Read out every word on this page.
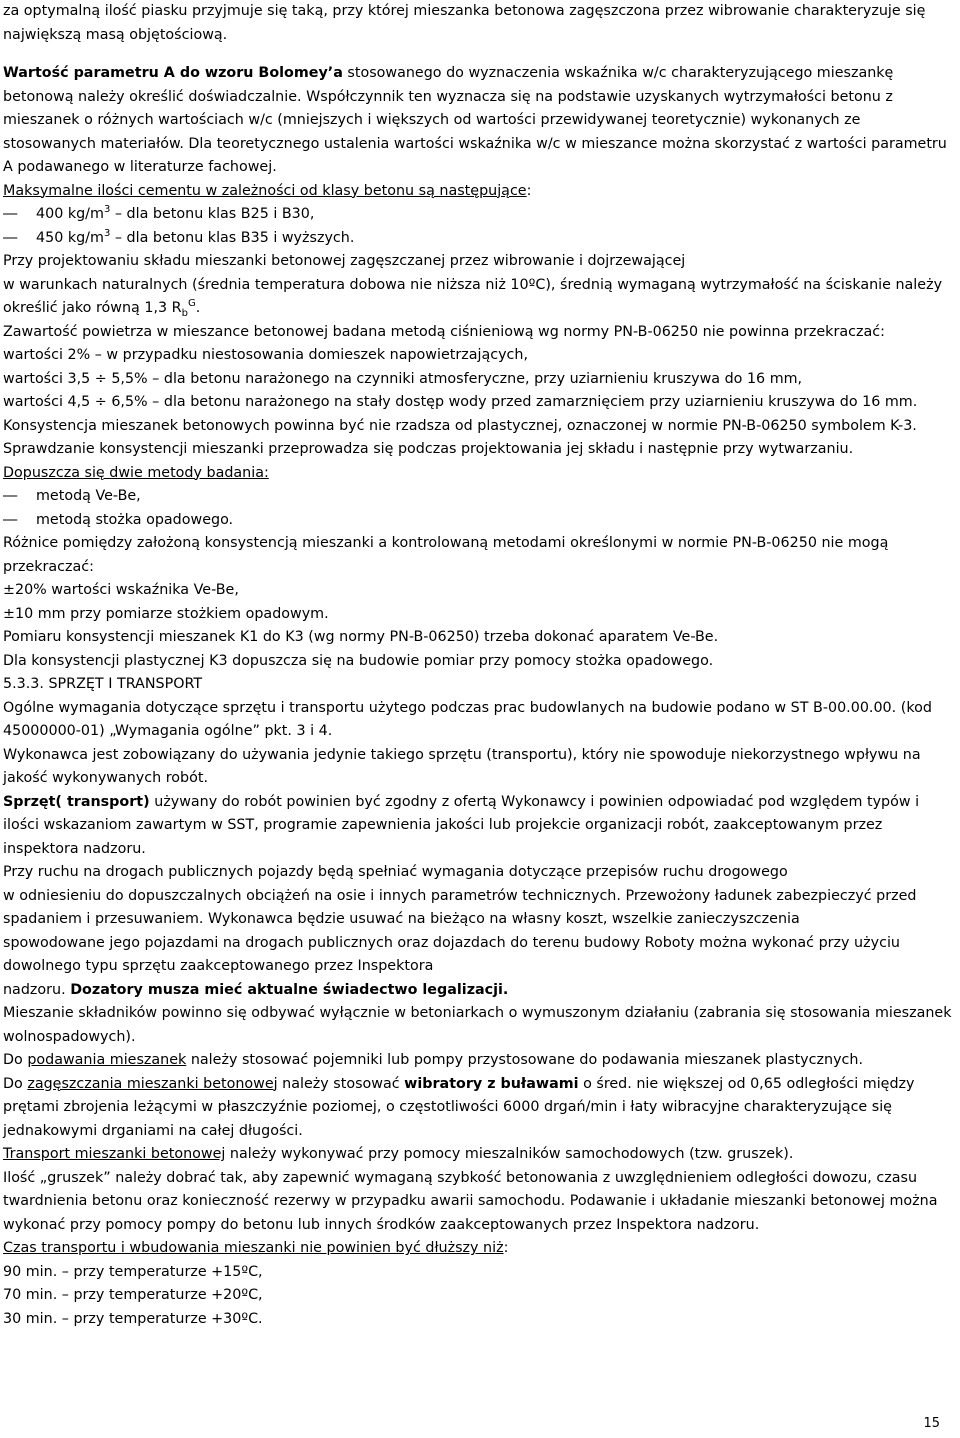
za optymalną ilość piasku przyjmuje się taką, przy której mieszanka betonowa zagęszczona przez wibrowanie charakteryzuje się największą masą objętościową.

Wartość parametru A do wzoru Bolomey’a stosowanego do wyznaczenia wskaźnika w/c charakteryzującego mieszankę betonową należy określić doświadczalnie. Współczynnik ten wyznacza się na podstawie uzyskanych wytrzymałości betonu z mieszanek o różnych wartościach w/c (mniejszych i większych od wartości przewidywanej teoretycznie) wykonanych ze stosowanych materiałów. Dla teoretycznego ustalenia wartości wskaźnika w/c w mieszance można skorzystać z wartości parametru A podawanego w literaturze fachowej.

Maksymalne ilości cementu w zależności od klasy betonu są następujące:

—	400 $kg/m^3$ – dla betonu klas B25 i B30,
—	450 $kg/m^3$ – dla betonu klas B35 i wyższych.

Przy projektowaniu składu mieszanki betonowej zagęszczanej przez wibrowanie i dojrzewającej

w warunkach naturalnych (średnia temperatura dobowa nie niższa niż 10ºC), średnią wymaganą wytrzymałość na ściskanie należy określić jako równą 1,3 $R_b^G$.

Zawartość powietrza w mieszance betonowej badana metodą ciśnieniową wg normy PN-B-06250 nie powinna przekraczać:

wartości 2% – w przypadku niestosowania domieszek napowietrzających,

wartości 3,5 ÷ 5,5% – dla betonu narażonego na czynniki atmosferyczne, przy uziarnieniu kruszywa do 16 mm,

wartości 4,5 ÷ 6,5% – dla betonu narażonego na stały dostęp wody przed zamarznięciem przy uziarnieniu kruszywa do 16 mm.

Konsystencja mieszanek betonowych powinna być nie rzadsza od plastycznej, oznaczonej w normie PN-B-06250 symbolem K-3.

Sprawdzanie konsystencji mieszanki przeprowadza się podczas projektowania jej składu i następnie przy wytwarzaniu.

Dopuszcza się dwie metody badania:

—	metodą Ve-Be,
—	metodą stożka opadowego.

Różnice pomiędzy założoną konsystencją mieszanki a kontrolowaną metodami określonymi w normie PN-B-06250 nie mogą przekraczać:

±20% wartości wskaźnika Ve-Be,

±10 mm przy pomiarze stożkiem opadowym.

Pomiaru konsystencji mieszanek K1 do K3 (wg normy PN-B-06250) trzeba dokonać aparatem Ve-Be.

Dla konsystencji plastycznej K3 dopuszcza się na budowie pomiar przy pomocy stożka opadowego.

5.3.3. SPRZĘT I TRANSPORT

Ogólne wymagania dotyczące sprzętu i transportu użytego podczas prac budowlanych na budowie podano w ST B-00.00.00. (kod 45000000-01) „Wymagania ogólne” pkt. 3 i 4.

Wykonawca jest zobowiązany do używania jedynie takiego sprzętu (transportu), który nie spowoduje niekorzystnego wpływu na jakość wykonywanych robót.

Sprzęt( transport) używany do robót powinien być zgodny z ofertą Wykonawcy i powinien odpowiadać pod względem typów i ilości wskazaniom zawartym w SST, programie zapewnienia jakości lub projekcie organizacji robót, zaakceptowanym przez inspektora nadzoru.

Przy ruchu na drogach publicznych pojazdy będą spełniać wymagania dotyczące przepisów ruchu drogowego

w odniesieniu do dopuszczalnych obciążeń na osie i innych parametrów technicznych. Przewożony ładunek zabezpieczyć przed spadaniem i przesuwaniem. Wykonawca będzie usuwać na bieżąco na własny koszt, wszelkie zanieczyszczenia

spowodowane jego pojazdami na drogach publicznych oraz dojazdach do terenu budowy Roboty można wykonać przy użyciu dowolnego typu sprzętu zaakceptowanego przez Inspektora

nadzoru. Dozatory musza mieć aktualne świadectwo legalizacji.

Mieszanie składników powinno się odbywać wyłącznie w betoniarkach o wymuszonym działaniu (zabrania się stosowania mieszanek wolnospadowych).

Do podawania mieszanek należy stosować pojemniki lub pompy przystosowane do podawania mieszanek plastycznych.

Do zagęszczania mieszanki betonowej należy stosować wibratory z buławami o śred. nie większej od 0,65 odległości między prętami zbrojenia leżącymi w płaszczyźnie poziomej, o częstotliwości 6000 drgań/min i łaty wibracyjne charakteryzujące się jednakowymi drganiami na całej długości.

Transport mieszanki betonowej należy wykonywać przy pomocy mieszalników samochodowych (tzw. gruszek).

Ilość „gruszek” należy dobrać tak, aby zapewnić wymaganą szybkość betonowania z uwzględnieniem odległości dowozu, czasu twardnienia betonu oraz konieczność rezerwy w przypadku awarii samochodu. Podawanie i układanie mieszanki betonowej można wykonać przy pomocy pompy do betonu lub innych środków zaakceptowanych przez Inspektora nadzoru.

Czas transportu i wbudowania mieszanki nie powinien być dłuższy niż:

90 min. – przy temperaturze +15ºC,

70 min. – przy temperaturze +20ºC,

30 min. – przy temperaturze +30ºC.

15
